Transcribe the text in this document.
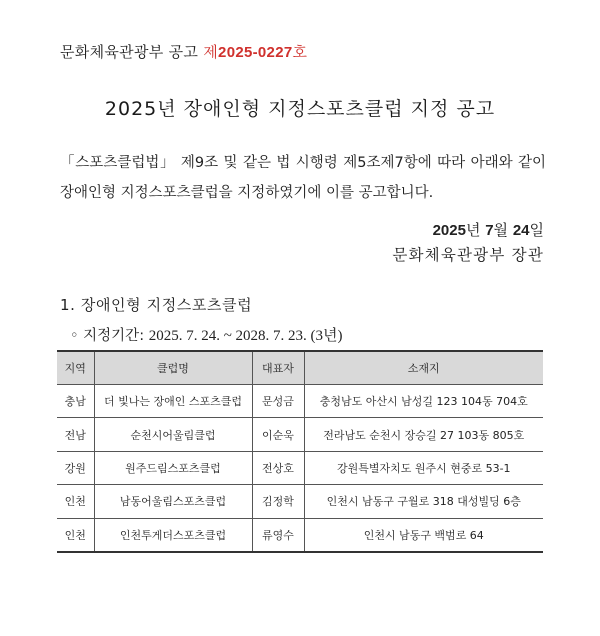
문화체육관광부 공고 제2025-0227호
2025년 장애인형 지정스포츠클럽 지정 공고
「스포츠클럽법」 제9조 및 같은 법 시행령 제5조제7항에 따라 아래와 같이 장애인형 지정스포츠클럽을 지정하였기에 이를 공고합니다.
2025년 7월 24일
문화체육관광부 장관
1. 장애인형 지정스포츠클럽
◦ 지정기간: 2025. 7. 24. ~ 2028. 7. 23. (3년)
지역	클럽명	대표자	소재지
충남	더 빛나는 장애인 스포츠클럽	문성금	충청남도 아산시 남성길 123 104동 704호
전남	순천시어울림클럽	이순욱	전라남도 순천시 장승길 27 103동 805호
강원	원주드림스포츠클럽	전상호	강원특별자치도 원주시 현중로 53-1
인천	남동어울림스포츠클럽	김정학	인천시 남동구 구월로 318 대성빌딩 6층
인천	인천투게더스포츠클럽	류영수	인천시 남동구 백범로 64
